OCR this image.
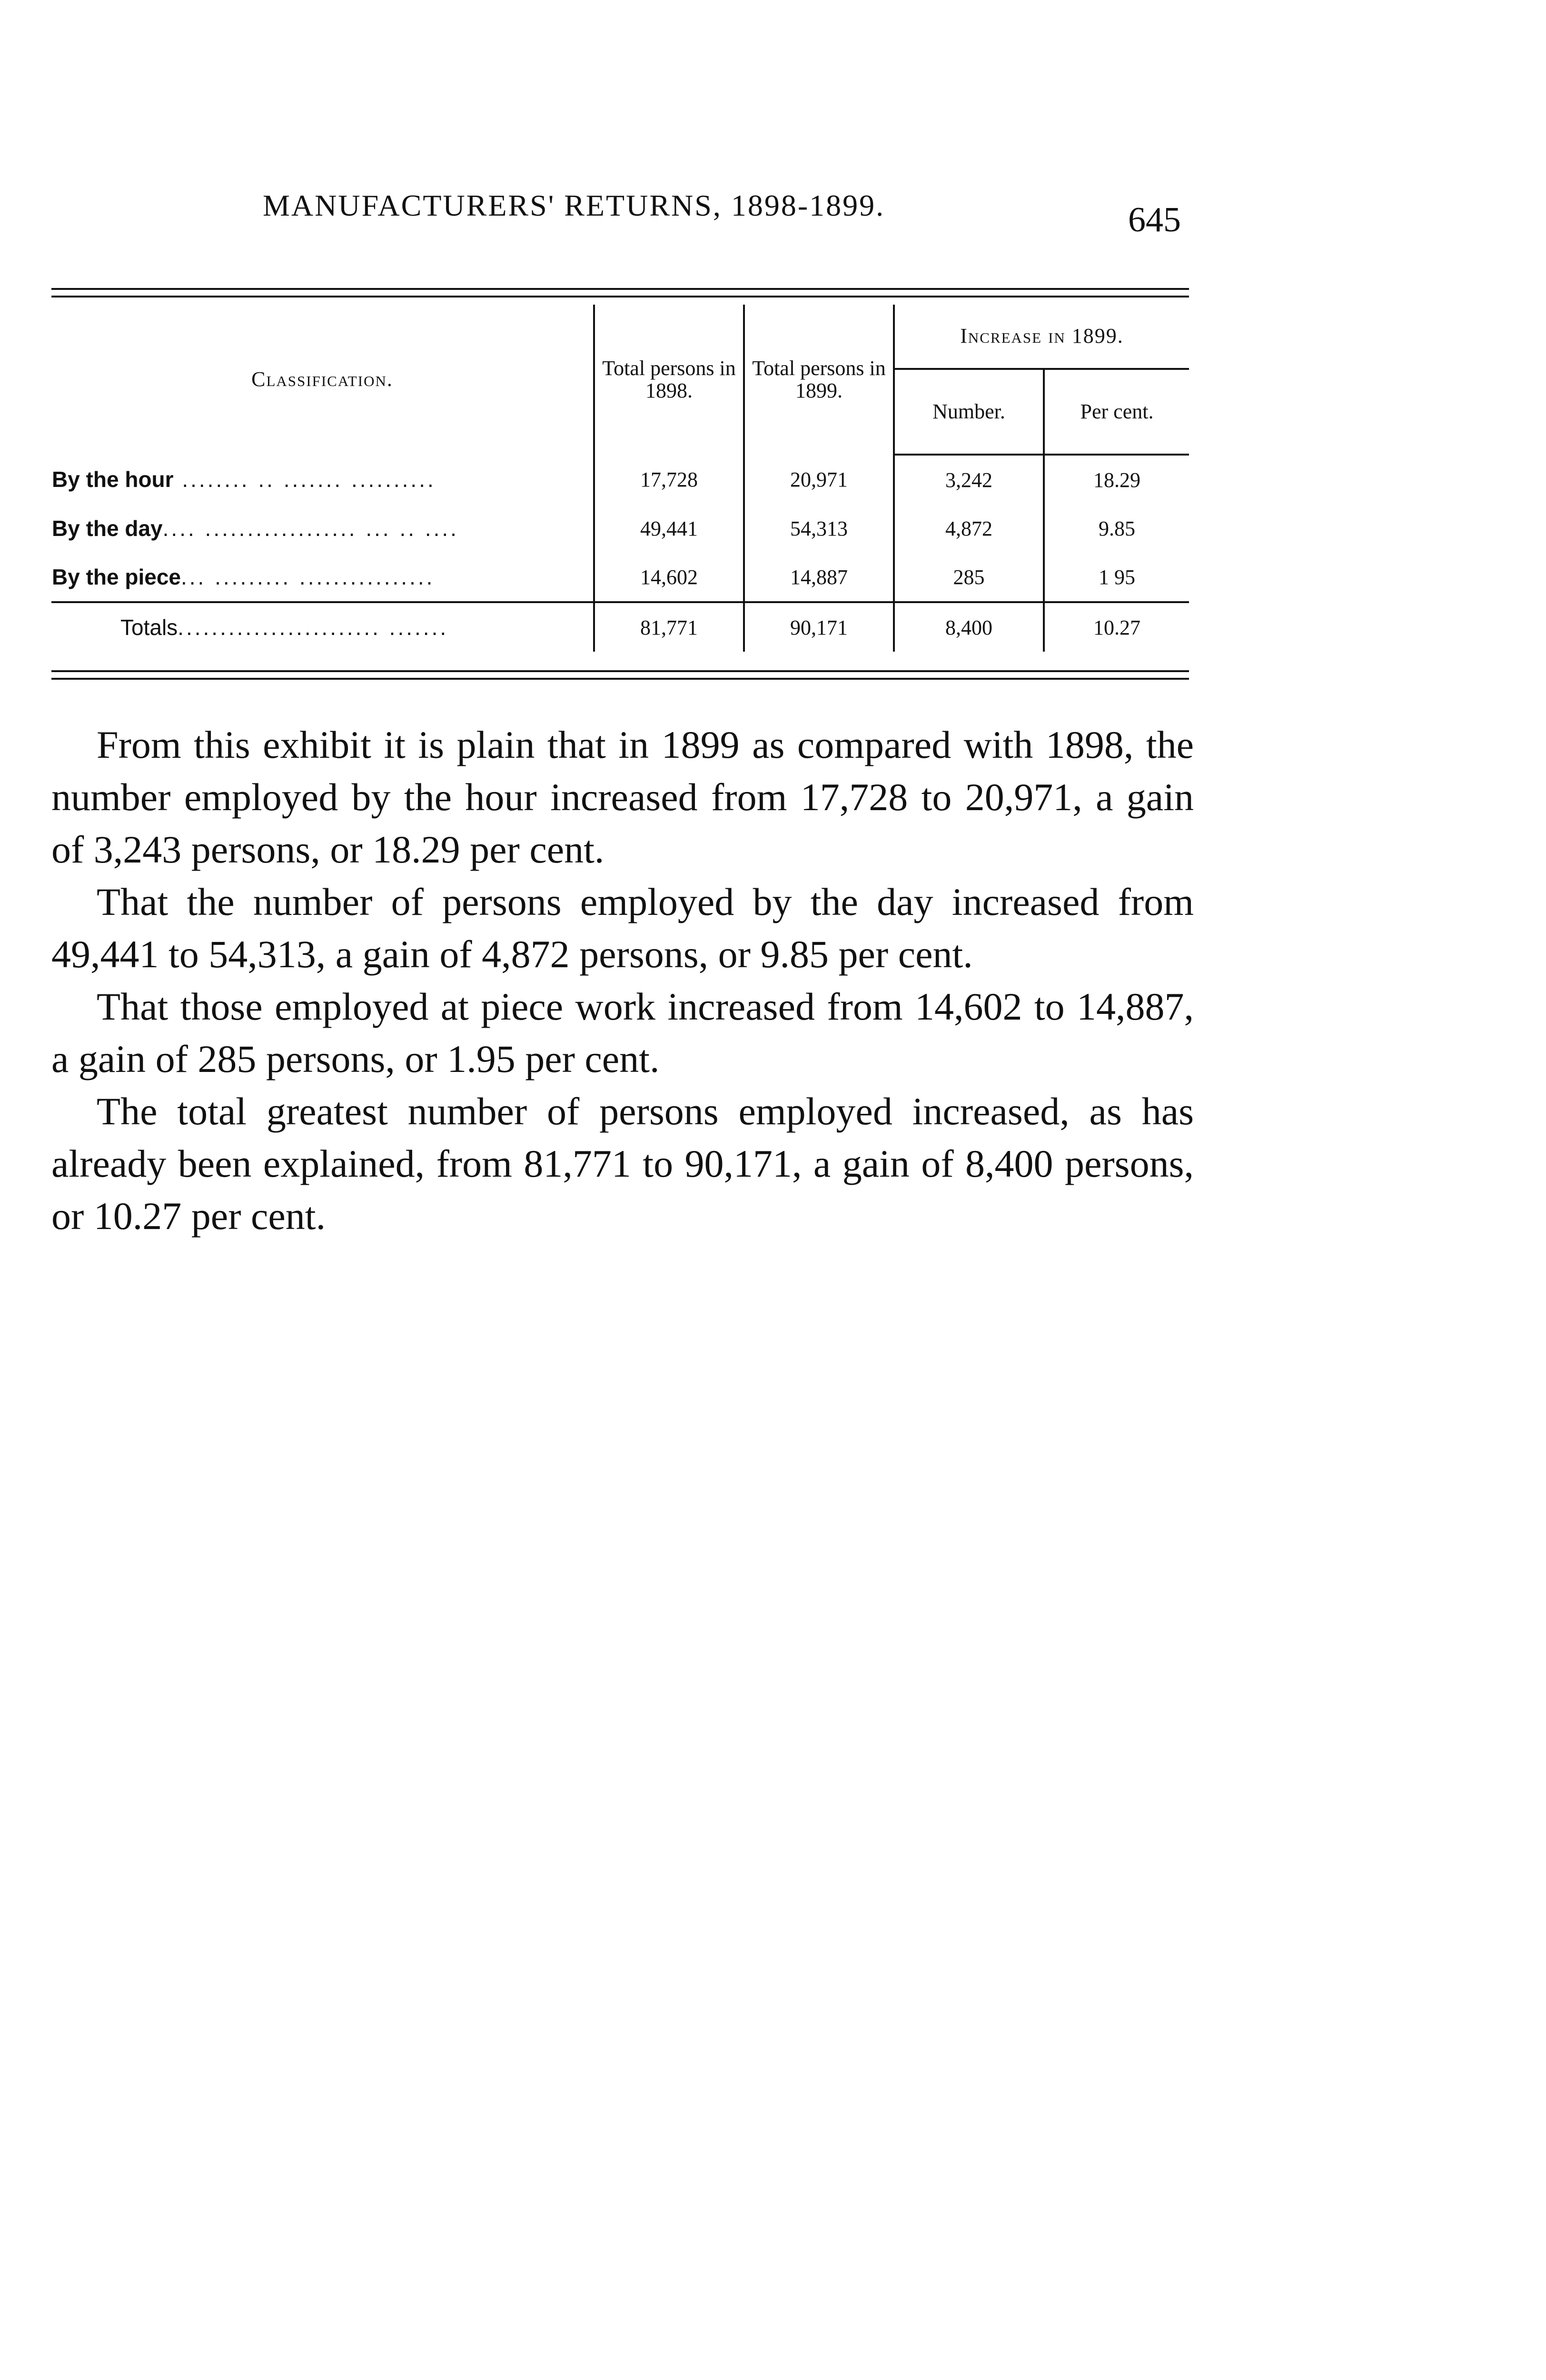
MANUFACTURERS' RETURNS, 1898-1899.	645
Classification.	Total persons in 1898.	Total persons in 1899.	Increase in 1899.	
			Number.	Per cent.
By the hour ........ .. ....... ..........	17,728	20,971	3,242	18.29
By the day.... .................. ... .. ....	49,441	54,313	4,872	9.85
By the piece... ......... ................	14,602	14,887	285	1 95
Totals........................ .......	81,771	90,171	8,400	10.27

From this exhibit it is plain that in 1899 as compared with 1898, the number employed by the hour increased from 17,728 to 20,971, a gain of 3,243 persons, or 18.29 per cent.

That the number of persons employed by the day increased from 49,441 to 54,313, a gain of 4,872 persons, or 9.85 per cent.

That those employed at piece work increased from 14,602 to 14,887, a gain of 285 persons, or 1.95 per cent.

The total greatest number of persons employed increased, as has already been explained, from 81,771 to 90,171, a gain of 8,400 persons, or 10.27 per cent.
